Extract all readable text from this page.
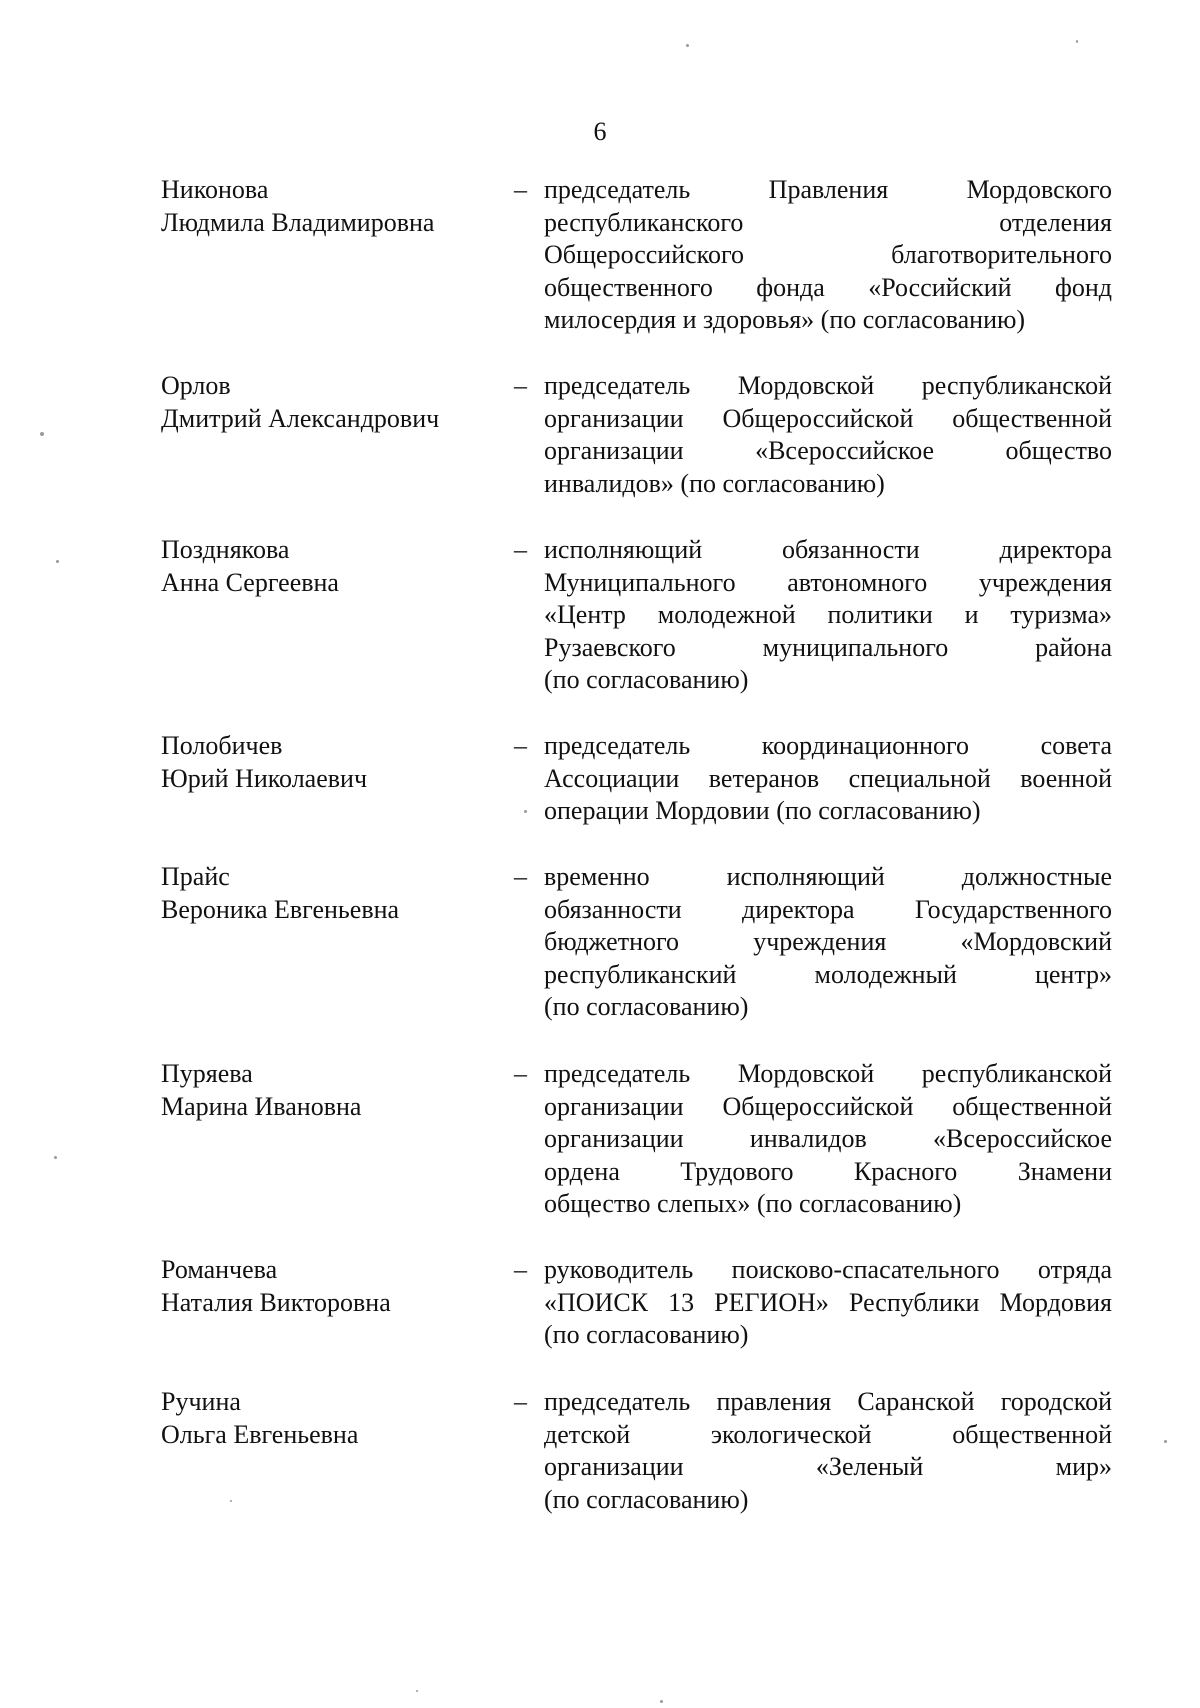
6
Никонова
Людмила Владимировна
– председатель Правления Мордовского
республиканского отделения
Общероссийского благотворительного
общественного фонда «Российский фонд
милосердия и здоровья» (по согласованию)
Орлов
Дмитрий Александрович
– председатель Мордовской республиканской
организации Общероссийской общественной
организации «Всероссийское общество
инвалидов» (по согласованию)
Позднякова
Анна Сергеевна
– исполняющий обязанности директора
Муниципального автономного учреждения
«Центр молодежной политики и туризма»
Рузаевского муниципального района
(по согласованию)
Полобичев
Юрий Николаевич
– председатель координационного совета
Ассоциации ветеранов специальной военной
операции Мордовии (по согласованию)
Прайс
Вероника Евгеньевна
– временно исполняющий должностные
обязанности директора Государственного
бюджетного учреждения «Мордовский
республиканский молодежный центр»
(по согласованию)
Пуряева
Марина Ивановна
– председатель Мордовской республиканской
организации Общероссийской общественной
организации инвалидов «Всероссийское
ордена Трудового Красного Знамени
общество слепых» (по согласованию)
Романчева
Наталия Викторовна
– руководитель поисково-спасательного отряда
«ПОИСК 13 РЕГИОН» Республики Мордовия
(по согласованию)
Ручина
Ольга Евгеньевна
– председатель правления Саранской городской
детской экологической общественной
организации «Зеленый мир»
(по согласованию)
